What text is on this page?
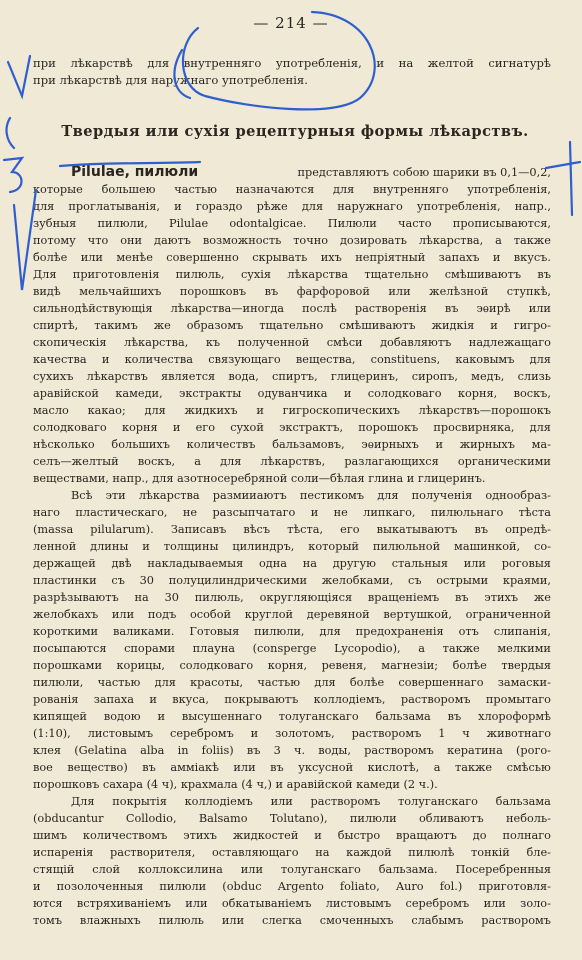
— 214 —
при лѣкарствѣ для внутренняго употребленія, и на желтой сигнатурѣ
при лѣкарствѣ для наружнаго употребленія.
Твердыя или сухія рецептурныя формы лѣкарствъ.
Pilulae, пилюли	представляютъ собою шарики въ 0,1—0,2,
которые большею частью назначаются для внутренняго употребленія,
для проглатыванія, и гораздо рѣже для наружнаго употребленія, напр.,
зубныя пилюли, Pilulae odontalgicae. Пилюли часто прописываются,
потому что они даютъ возможность точно дозировать лѣкарства, а также
болѣе или менѣе совершенно скрывать ихъ непріятный запахъ и вкусъ.
Для приготовленія пилюль, сухія лѣкарства тщательно смѣшиваютъ въ
видѣ мельчайшихъ порошковъ въ фарфоровой или желѣзной ступкѣ,
сильнодѣйствующія лѣкарства—иногда послѣ растворенія въ эѳирѣ или
спиртѣ, такимъ же образомъ тщательно смѣшиваютъ жидкія и гигро-
скопическія лѣкарства, къ полученной смѣси добавляютъ надлежащаго
качества и количества связующаго вещества, constituens, каковымъ для
сухихъ лѣкарствъ является вода, спиртъ, глицеринъ, сиропъ, медъ, слизь
аравійской камеди, экстракты одуванчика и солодковаго корня, воскъ,
масло какао; для жидкихъ и гигроскопическихъ лѣкарствъ—порошокъ
солодковаго корня и его сухой экстрактъ, порошокъ просвирняка, для
нѣсколько большихъ количествъ бальзамовъ, эѳирныхъ и жирныхъ ма-
селъ—желтый воскъ, а для лѣкарствъ, разлагающихся органическими
веществами, напр., для азотносеребряной соли—бѣлая глина и глицеринъ.
Всѣ эти лѣкарства размииаютъ пестикомъ для полученія однообраз-
наго пластическаго, не разсыпчатаго и не липкаго, пилюльнаго тѣста
(massa pilularum). Записавъ вѣсъ тѣста, его выкатываютъ въ опредѣ-
ленной длины и толщины цилиндръ, который пилюльной машинкой, со-
держащей двѣ накладываемыя одна на другую стальныя или роговыя
пластинки съ 30 полуцилиндрическими желобками, съ острыми краями,
разрѣзываютъ на 30 пилюль, округляющіяся вращеніемъ въ этихъ же
желобкахъ или подъ особой круглой деревяной вертушкой, ограниченной
короткими валиками. Готовыя пилюли, для предохраненія отъ слипанія,
посыпаются спорами плауна (conspergе Lycopodio), а также мелкими
порошками корицы, солодковаго корня, ревеня, магнезіи; болѣе твердыя
пилюли, частью для красоты, частью для болѣе совершеннаго замаски-
рованія запаха и вкуса, покрываютъ коллодіемъ, растворомъ промытаго
кипящей водою и высушеннаго толуганскаго бальзама въ хлороформѣ
(1:10), листовымъ серебромъ и золотомъ, растворомъ 1 ч животнаго
клея (Gelatina alba in foliis) въ 3 ч. воды, растворомъ кератина (рого-
вое вещество) въ аммiакѣ или въ уксусной кислотѣ, а также смѣсью
порошковъ сахара (4 ч), крахмала (4 ч,) и аравійской камеди (2 ч.).
Для покрытія коллодіемъ или растворомъ толуганскаго бальзама
(obducantur Collodio, Balsamo Tolutano), пилюли обливаютъ неболь-
шимъ количествомъ этихъ жидкостей и быстро вращаютъ до полнаго
испаренія растворителя, оставляющаго на каждой пилюлѣ тонкій бле-
стящій слой коллоксилина или толуганскаго бальзама. Посеребренныя
и позолоченныя пилюли (obduc Argento foliato, Auro fol.) приготовля-
ются встряхиваніемъ или обкатываніемъ листовымъ серебромъ или золо-
томъ влажныхъ пилюль или слегка смоченныхъ слабымъ растворомъ
